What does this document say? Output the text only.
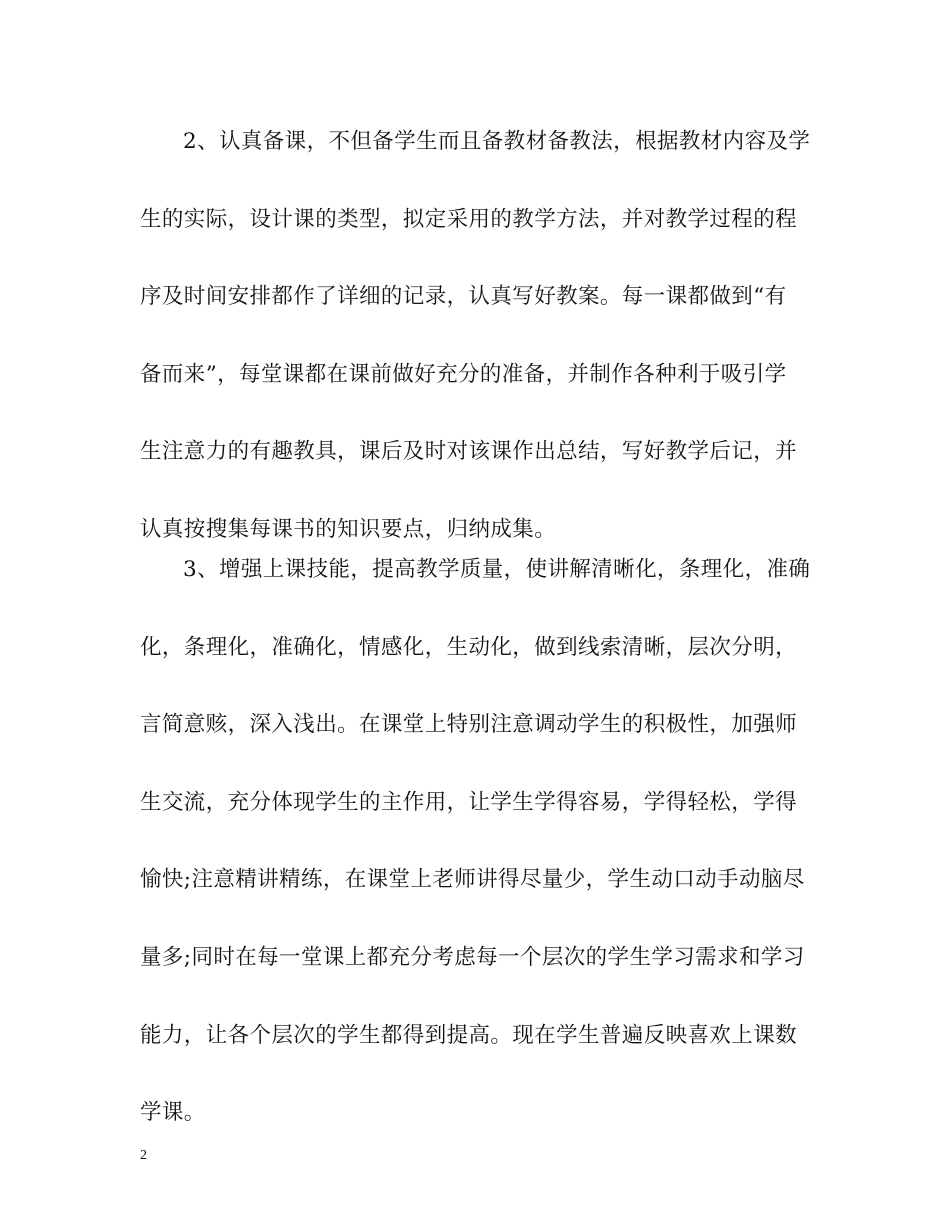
2、认真备课，不但备学生而且备教材备教法，根据教材内容及学
生的实际，设计课的类型，拟定采用的教学方法，并对教学过程的程
序及时间安排都作了详细的记录，认真写好教案。每一课都做到“有
备而来”，每堂课都在课前做好充分的准备，并制作各种利于吸引学
生注意力的有趣教具，课后及时对该课作出总结，写好教学后记，并
认真按搜集每课书的知识要点，归纳成集。
3、增强上课技能，提高教学质量，使讲解清晰化，条理化，准确
化，条理化，准确化，情感化，生动化，做到线索清晰，层次分明，
言简意赅，深入浅出。在课堂上特别注意调动学生的积极性，加强师
生交流，充分体现学生的主作用，让学生学得容易，学得轻松，学得
愉快;注意精讲精练，在课堂上老师讲得尽量少，学生动口动手动脑尽
量多;同时在每一堂课上都充分考虑每一个层次的学生学习需求和学习
能力，让各个层次的学生都得到提高。现在学生普遍反映喜欢上课数
学课。
2
